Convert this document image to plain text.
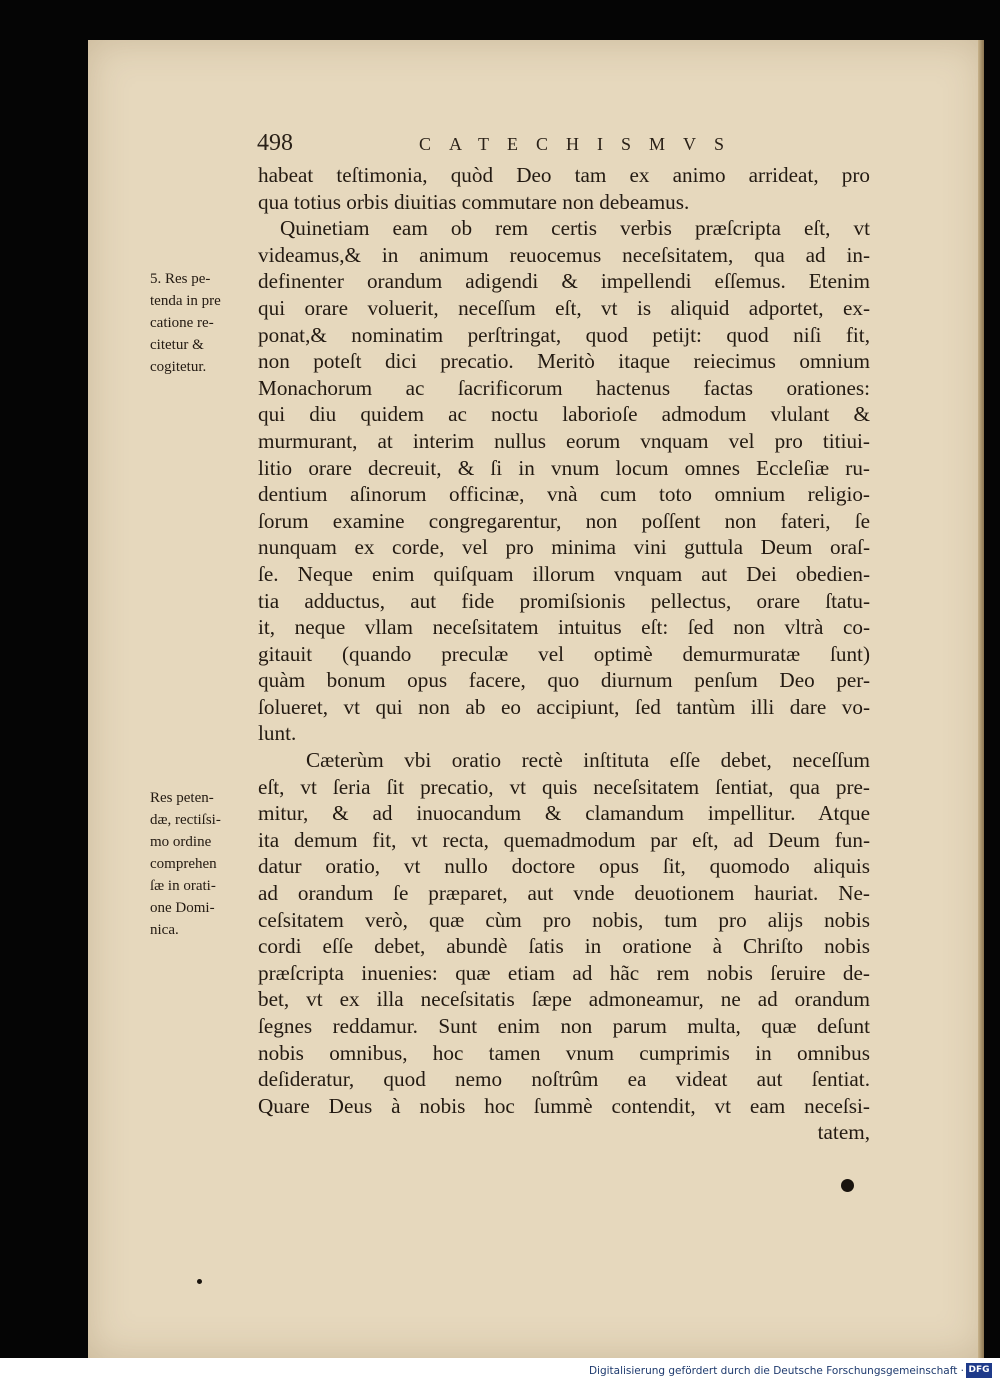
498	CATECHISMVS
5. Res pe-
tenda in pre
catione re-
citetur &
cogitetur.
Res peten-
dæ, rectiſsi-
mo ordine
comprehen
ſæ in orati-
one Domi-
nica.
habeat teſtimonia, quòd Deo tam ex animo arrideat, pro
qua totius orbis diuitias commutare non debeamus.
Quinetiam eam ob rem certis verbis præſcripta eſt, vt
videamus,& in animum reuocemus neceſsitatem, qua ad in-
definenter orandum adigendi & impellendi eſſemus. Etenim
qui orare voluerit, neceſſum eſt, vt is aliquid adportet, ex-
ponat,& nominatim perſtringat, quod petijt: quod niſi fit,
non poteſt dici precatio. Meritò itaque reiecimus omnium
Monachorum ac ſacrificorum hactenus factas orationes:
qui diu quidem ac noctu laborioſe admodum vlulant &
murmurant, at interim nullus eorum vnquam vel pro titiui-
litio orare decreuit, & ſi in vnum locum omnes Eccleſiæ ru-
dentium aſinorum officinæ, vnà cum toto omnium religio-
ſorum examine congregarentur, non poſſent non fateri, ſe
nunquam ex corde, vel pro minima vini guttula Deum oraſ-
ſe. Neque enim quiſquam illorum vnquam aut Dei obedien-
tia adductus, aut fide promiſsionis pellectus, orare ſtatu-
it, neque vllam neceſsitatem intuitus eſt: ſed non vltrà co-
gitauit (quando preculæ vel optimè demurmuratæ ſunt)
quàm bonum opus facere, quo diurnum penſum Deo per-
ſolueret, vt qui non ab eo accipiunt, ſed tantùm illi dare vo-
lunt.
Cæterùm vbi oratio rectè inſtituta eſſe debet, neceſſum
eſt, vt ſeria ſit precatio, vt quis neceſsitatem ſentiat, qua pre-
mitur, & ad inuocandum & clamandum impellitur. Atque
ita demum fit, vt recta, quemadmodum par eſt, ad Deum fun-
datur oratio, vt nullo doctore opus ſit, quomodo aliquis
ad orandum ſe præparet, aut vnde deuotionem hauriat. Ne-
ceſsitatem verò, quæ cùm pro nobis, tum pro alijs nobis
cordi eſſe debet, abundè ſatis in oratione à Chriſto nobis
præſcripta inuenies: quæ etiam ad hãc rem nobis ſeruire de-
bet, vt ex illa neceſsitatis ſæpe admoneamur, ne ad orandum
ſegnes reddamur. Sunt enim non parum multa, quæ deſunt
nobis omnibus, hoc tamen vnum cumprimis in omnibus
deſideratur, quod nemo noſtrûm ea videat aut ſentiat.
Quare Deus à nobis hoc ſummè contendit, vt eam neceſsi-
tatem,
Digitalisierung gefördert durch die Deutsche Forschungsgemeinschaft · DFG
